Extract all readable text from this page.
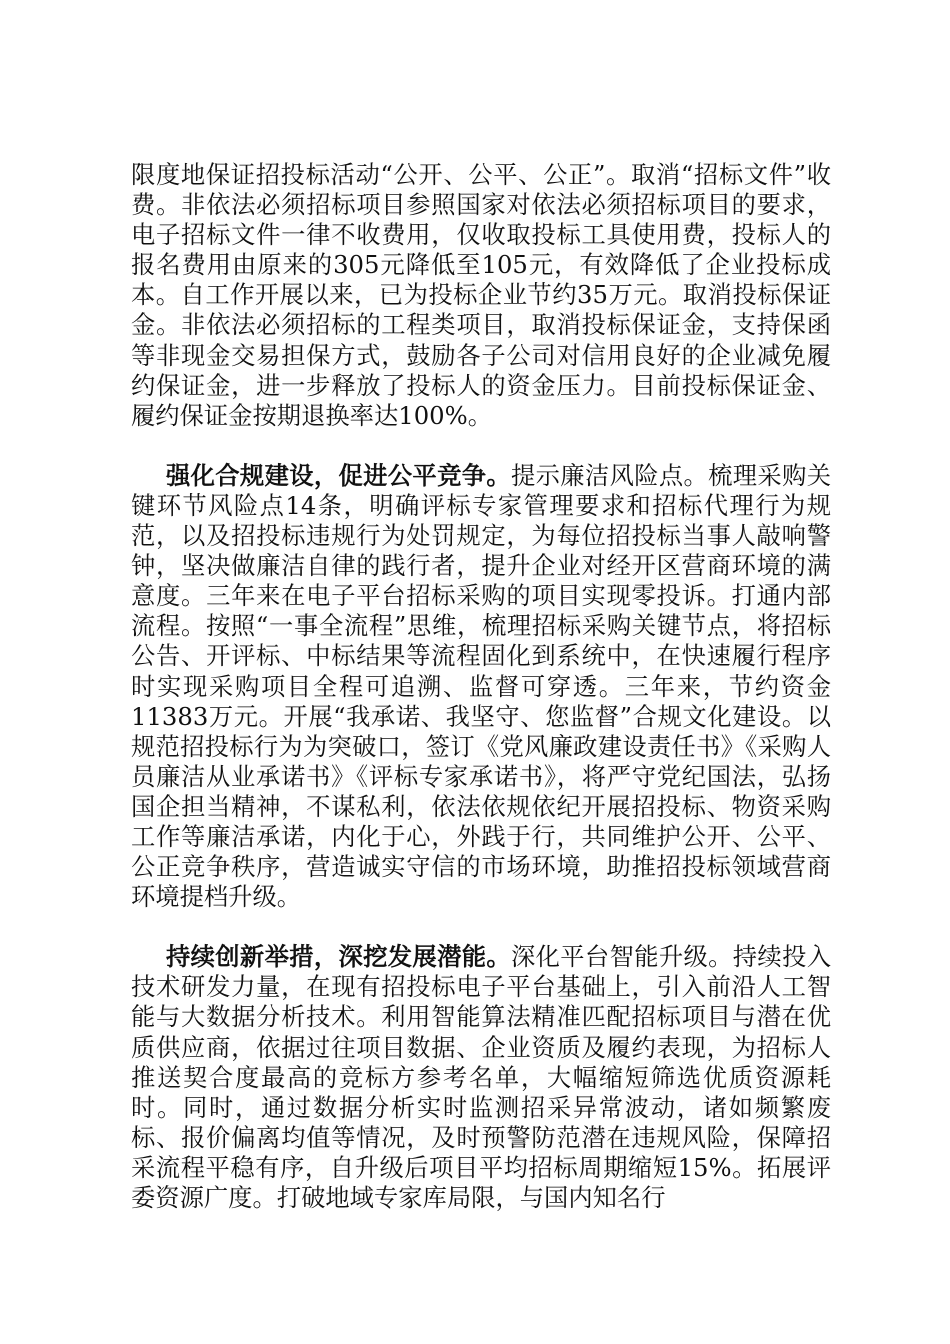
限度地保证招投标活动“公开、公平、公正”。取消“招标文件”收费。非依法必须招标项目参照国家对依法必须招标项目的要求，电子招标文件一律不收费用，仅收取投标工具使用费，投标人的报名费用由原来的305元降低至105元，有效降低了企业投标成本。自工作开展以来，已为投标企业节约35万元。取消投标保证金。非依法必须招标的工程类项目，取消投标保证金，支持保函等非现金交易担保方式，鼓励各子公司对信用良好的企业减免履约保证金，进一步释放了投标人的资金压力。目前投标保证金、履约保证金按期退换率达100%。

强化合规建设，促进公平竞争。提示廉洁风险点。梳理采购关键环节风险点14条，明确评标专家管理要求和招标代理行为规范，以及招投标违规行为处罚规定，为每位招投标当事人敲响警钟，坚决做廉洁自律的践行者，提升企业对经开区营商环境的满意度。三年来在电子平台招标采购的项目实现零投诉。打通内部流程。按照“一事全流程”思维，梳理招标采购关键节点，将招标公告、开评标、中标结果等流程固化到系统中，在快速履行程序时实现采购项目全程可追溯、监督可穿透。三年来，节约资金11383万元。开展“我承诺、我坚守、您监督”合规文化建设。以规范招投标行为为突破口，签订《党风廉政建设责任书》《采购人员廉洁从业承诺书》《评标专家承诺书》，将严守党纪国法，弘扬国企担当精神，不谋私利，依法依规依纪开展招投标、物资采购工作等廉洁承诺，内化于心，外践于行，共同维护公开、公平、公正竞争秩序，营造诚实守信的市场环境，助推招投标领域营商环境提档升级。

持续创新举措，深挖发展潜能。深化平台智能升级。持续投入技术研发力量，在现有招投标电子平台基础上，引入前沿人工智能与大数据分析技术。利用智能算法精准匹配招标项目与潜在优质供应商，依据过往项目数据、企业资质及履约表现，为招标人推送契合度最高的竞标方参考名单，大幅缩短筛选优质资源耗时。同时，通过数据分析实时监测招采异常波动，诸如频繁废标、报价偏离均值等情况，及时预警防范潜在违规风险，保障招采流程平稳有序，自升级后项目平均招标周期缩短15%。拓展评委资源广度。打破地域专家库局限，与国内知名行
